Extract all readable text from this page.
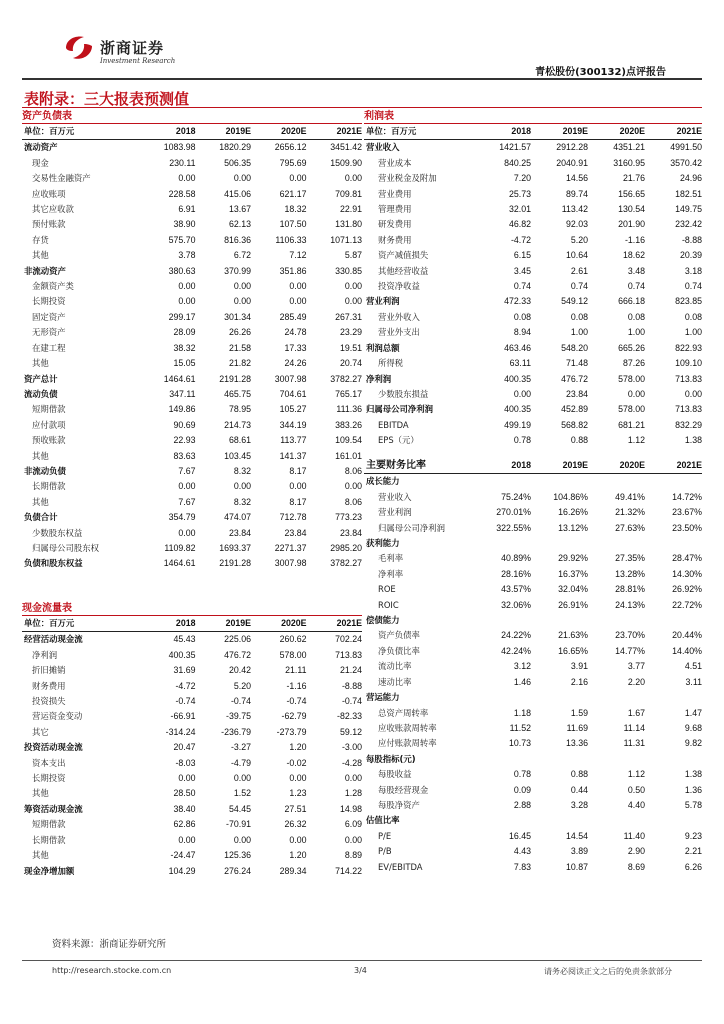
浙商证券
Investment Research
青松股份(300132)点评报告
表附录：三大报表预测值
资产负债表
单位：百万元	2018	2019E	2020E	2021E
流动资产	1083.98	1820.29	2656.12	3451.42
现金	230.11	506.35	795.69	1509.90
交易性金融资产	0.00	0.00	0.00	0.00
应收账项	228.58	415.06	621.17	709.81
其它应收款	6.91	13.67	18.32	22.91
预付账款	38.90	62.13	107.50	131.80
存货	575.70	816.36	1106.33	1071.13
其他	3.78	6.72	7.12	5.87
非流动资产	380.63	370.99	351.86	330.85
金额资产类	0.00	0.00	0.00	0.00
长期投资	0.00	0.00	0.00	0.00
固定资产	299.17	301.34	285.49	267.31
无形资产	28.09	26.26	24.78	23.29
在建工程	38.32	21.58	17.33	19.51
其他	15.05	21.82	24.26	20.74
资产总计	1464.61	2191.28	3007.98	3782.27
流动负债	347.11	465.75	704.61	765.17
短期借款	149.86	78.95	105.27	111.36
应付款项	90.69	214.73	344.19	383.26
预收账款	22.93	68.61	113.77	109.54
其他	83.63	103.45	141.37	161.01
非流动负债	7.67	8.32	8.17	8.06
长期借款	0.00	0.00	0.00	0.00
其他	7.67	8.32	8.17	8.06
负债合计	354.79	474.07	712.78	773.23
少数股东权益	0.00	23.84	23.84	23.84
归属母公司股东权	1109.82	1693.37	2271.37	2985.20
负债和股东权益	1464.61	2191.28	3007.98	3782.27
现金流量表
单位：百万元	2018	2019E	2020E	2021E
经营活动现金流	45.43	225.06	260.62	702.24
净利润	400.35	476.72	578.00	713.83
折旧摊销	31.69	20.42	21.11	21.24
财务费用	-4.72	5.20	-1.16	-8.88
投资损失	-0.74	-0.74	-0.74	-0.74
营运资金变动	-66.91	-39.75	-62.79	-82.33
其它	-314.24	-236.79	-273.79	59.12
投资活动现金流	20.47	-3.27	1.20	-3.00
资本支出	-8.03	-4.79	-0.02	-4.28
长期投资	0.00	0.00	0.00	0.00
其他	28.50	1.52	1.23	1.28
筹资活动现金流	38.40	54.45	27.51	14.98
短期借款	62.86	-70.91	26.32	6.09
长期借款	0.00	0.00	0.00	0.00
其他	-24.47	125.36	1.20	8.89
现金净增加额	104.29	276.24	289.34	714.22
利润表
单位：百万元	2018	2019E	2020E	2021E
营业收入	1421.57	2912.28	4351.21	4991.50
营业成本	840.25	2040.91	3160.95	3570.42
营业税金及附加	7.20	14.56	21.76	24.96
营业费用	25.73	89.74	156.65	182.51
管理费用	32.01	113.42	130.54	149.75
研发费用	46.82	92.03	201.90	232.42
财务费用	-4.72	5.20	-1.16	-8.88
资产减值损失	6.15	10.64	18.62	20.39
其他经营收益	3.45	2.61	3.48	3.18
投资净收益	0.74	0.74	0.74	0.74
营业利润	472.33	549.12	666.18	823.85
营业外收入	0.08	0.08	0.08	0.08
营业外支出	8.94	1.00	1.00	1.00
利润总额	463.46	548.20	665.26	822.93
所得税	63.11	71.48	87.26	109.10
净利润	400.35	476.72	578.00	713.83
少数股东损益	0.00	23.84	0.00	0.00
归属母公司净利润	400.35	452.89	578.00	713.83
EBITDA	499.19	568.82	681.21	832.29
EPS（元）	0.78	0.88	1.12	1.38
主要财务比率	2018	2019E	2020E	2021E
成长能力				
营业收入	75.24%	104.86%	49.41%	14.72%
营业利润	270.01%	16.26%	21.32%	23.67%
归属母公司净利润	322.55%	13.12%	27.63%	23.50%
获利能力				
毛利率	40.89%	29.92%	27.35%	28.47%
净利率	28.16%	16.37%	13.28%	14.30%
ROE	43.57%	32.04%	28.81%	26.92%
ROIC	32.06%	26.91%	24.13%	22.72%
偿债能力				
资产负债率	24.22%	21.63%	23.70%	20.44%
净负债比率	42.24%	16.65%	14.77%	14.40%
流动比率	3.12	3.91	3.77	4.51
速动比率	1.46	2.16	2.20	3.11
营运能力				
总资产周转率	1.18	1.59	1.67	1.47
应收账款周转率	11.52	11.69	11.14	9.68
应付账款周转率	10.73	13.36	11.31	9.82
每股指标(元)				
每股收益	0.78	0.88	1.12	1.38
每股经营现金	0.09	0.44	0.50	1.36
每股净资产	2.88	3.28	4.40	5.78
估值比率				
P/E	16.45	14.54	11.40	9.23
P/B	4.43	3.89	2.90	2.21
EV/EBITDA	7.83	10.87	8.69	6.26
资料来源：浙商证券研究所
http://research.stocke.com.cn	3/4	请务必阅读正文之后的免责条款部分
